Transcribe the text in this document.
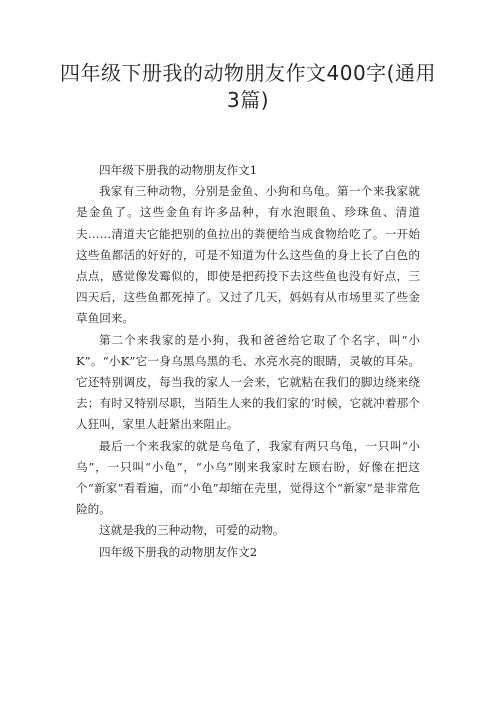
四年级下册我的动物朋友作文400字(通用3篇)

四年级下册我的动物朋友作文1

我家有三种动物，分别是金鱼、小狗和乌龟。第一个来我家就是金鱼了。这些金鱼有许多品种，有水泡眼鱼、珍珠鱼、清道夫……清道夫它能把别的鱼拉出的粪便给当成食物给吃了。一开始这些鱼都活的好好的，可是不知道为什么这些鱼的身上长了白色的点点，感觉像发霉似的，即使是把药投下去这些鱼也没有好点，三四天后，这些鱼都死掉了。又过了几天，妈妈有从市场里买了些金草鱼回来。

第二个来我家的是小狗，我和爸爸给它取了个名字，叫“小K”。“小K”它一身乌黑乌黑的毛、水亮水亮的眼睛，灵敏的耳朵。它还特别调皮，每当我的家人一会来，它就粘在我们的脚边绕来绕去；有时又特别尽职，当陌生人来的我们家的’时候，它就冲着那个人狂叫，家里人赶紧出来阻止。

最后一个来我家的就是乌龟了，我家有两只乌龟，一只叫“小乌”，一只叫“小龟”，“小乌”刚来我家时左顾右盼，好像在把这个“新家”看看遍，而“小龟”却缩在壳里，觉得这个“新家”是非常危险的。

这就是我的三种动物，可爱的动物。

四年级下册我的动物朋友作文2
